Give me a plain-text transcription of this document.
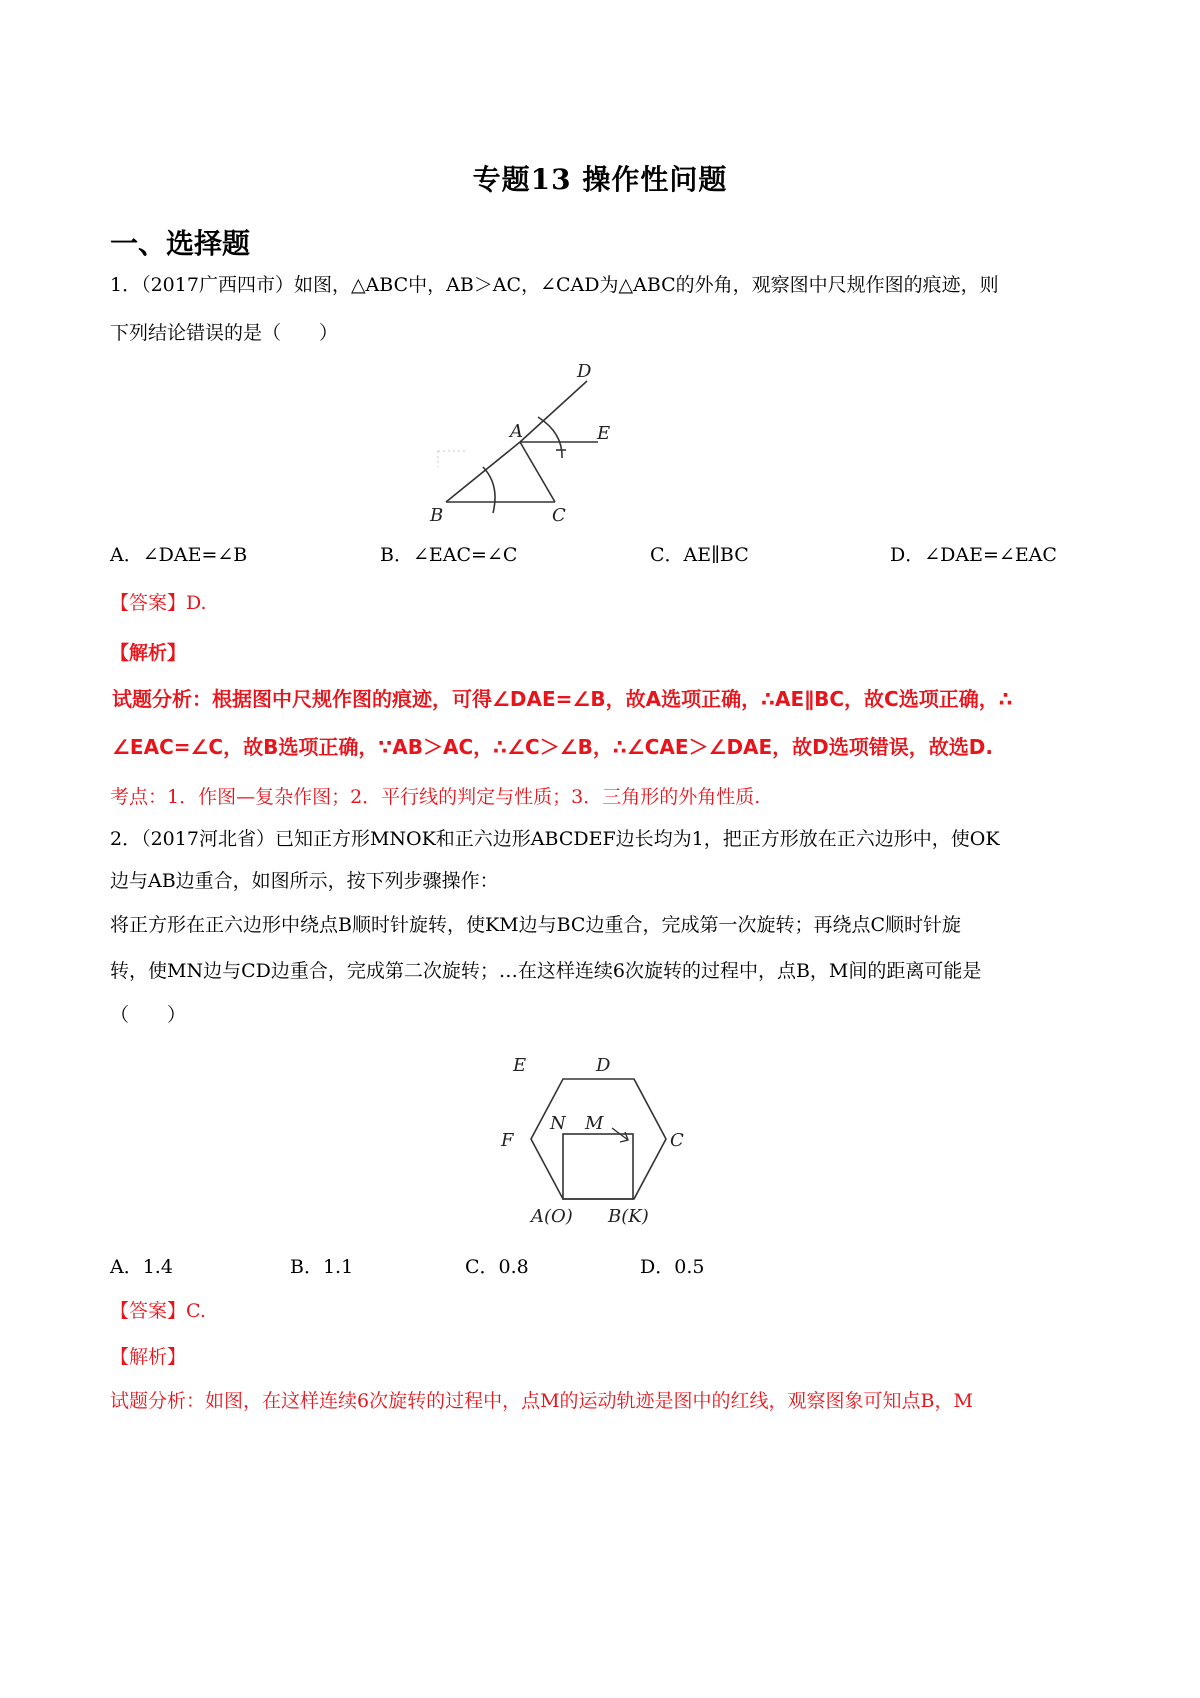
专题13 操作性问题
一、选择题

1．（2017广西四市）如图，△ABC中，AB＞AC，∠CAD为△ABC的外角，观察图中尺规作图的痕迹，则

下列结论错误的是（　　）

A
B	C
D
E
A．∠DAE=∠B	B．∠EAC=∠C	C．AE∥BC	D．∠DAE=∠EAC

【答案】D.

【解析】

试题分析：根据图中尺规作图的痕迹，可得∠DAE=∠B，故A选项正确，∴AE∥BC，故C选项正确，∴

∠EAC=∠C，故B选项正确，∵AB＞AC，∴∠C＞∠B，∴∠CAE＞∠DAE，故D选项错误，故选D.

考点：1．作图—复杂作图；2．平行线的判定与性质；3．三角形的外角性质.

2．（2017河北省）已知正方形MNOK和正六边形ABCDEF边长均为1，把正方形放在正六边形中，使OK

边与AB边重合，如图所示，按下列步骤操作：

将正方形在正六边形中绕点B顺时针旋转，使KM边与BC边重合，完成第一次旋转；再绕点C顺时针旋

转，使MN边与CD边重合，完成第二次旋转；…在这样连续6次旋转的过程中，点B，M间的距离可能是

（　　）

E	D
F	C
N M
A(O) B(K)
A．1.4	B．1.1	C．0.8	D．0.5

【答案】C.

【解析】

试题分析：如图，在这样连续6次旋转的过程中，点M的运动轨迹是图中的红线，观察图象可知点B，M
